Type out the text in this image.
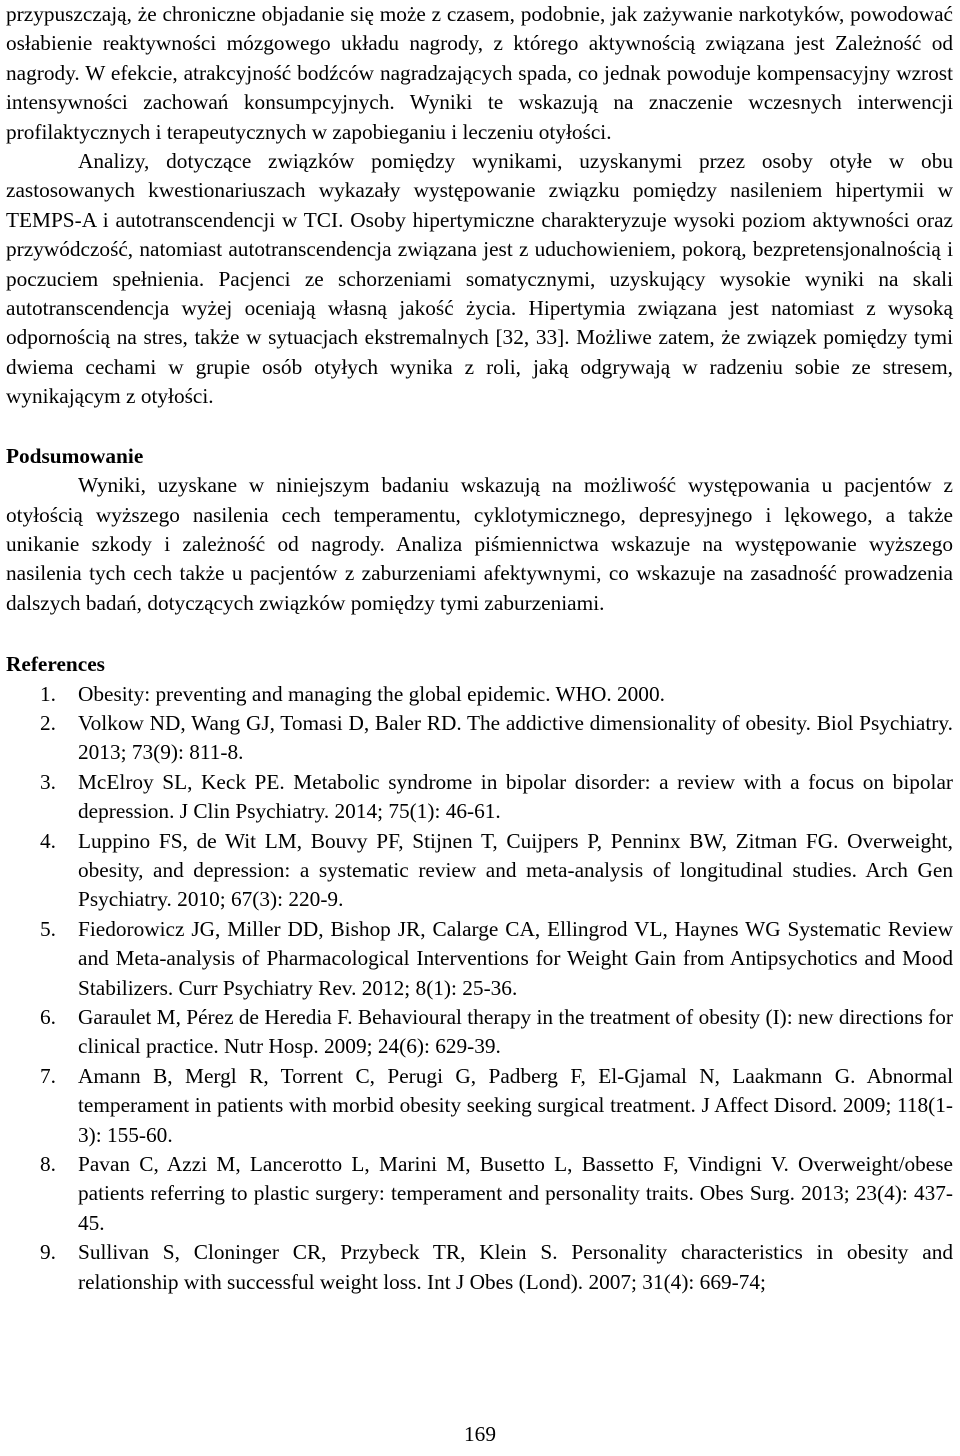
przypuszczają, że chroniczne objadanie się może z czasem, podobnie, jak zażywanie narkotyków, powodować osłabienie reaktywności mózgowego układu nagrody, z którego aktywnością związana jest Zależność od nagrody. W efekcie, atrakcyjność bodźców nagradzających spada, co jednak powoduje kompensacyjny wzrost intensywności zachowań konsumpcyjnych. Wyniki te wskazują na znaczenie wczesnych interwencji profilaktycznych i terapeutycznych w zapobieganiu i leczeniu otyłości.

Analizy, dotyczące związków pomiędzy wynikami, uzyskanymi przez osoby otyłe w obu zastosowanych kwestionariuszach wykazały występowanie związku pomiędzy nasileniem hipertymii w TEMPS-A i autotranscendencji w TCI. Osoby hipertymiczne charakteryzuje wysoki poziom aktywności oraz przywódczość, natomiast autotranscendencja związana jest z uduchowieniem, pokorą, bezpretensjonalnością i poczuciem spełnienia. Pacjenci ze schorzeniami somatycznymi, uzyskujący wysokie wyniki na skali autotranscendencja wyżej oceniają własną jakość życia. Hipertymia związana jest natomiast z wysoką odpornością na stres, także w sytuacjach ekstremalnych [32, 33]. Możliwe zatem, że związek pomiędzy tymi dwiema cechami w grupie osób otyłych wynika z roli, jaką odgrywają w radzeniu sobie ze stresem, wynikającym z otyłości.

Podsumowanie

Wyniki, uzyskane w niniejszym badaniu wskazują na możliwość występowania u pacjentów z otyłością wyższego nasilenia cech temperamentu, cyklotymicznego, depresyjnego i lękowego, a także unikanie szkody i zależność od nagrody. Analiza piśmiennictwa wskazuje na występowanie wyższego nasilenia tych cech także u pacjentów z zaburzeniami afektywnymi, co wskazuje na zasadność prowadzenia dalszych badań, dotyczących związków pomiędzy tymi zaburzeniami.

References

1. Obesity: preventing and managing the global epidemic. WHO. 2000.
2. Volkow ND, Wang GJ, Tomasi D, Baler RD. The addictive dimensionality of obesity. Biol Psychiatry. 2013; 73(9): 811-8.
3. McElroy SL, Keck PE. Metabolic syndrome in bipolar disorder: a review with a focus on bipolar depression. J Clin Psychiatry. 2014; 75(1): 46-61.
4. Luppino FS, de Wit LM, Bouvy PF, Stijnen T, Cuijpers P, Penninx BW, Zitman FG. Overweight, obesity, and depression: a systematic review and meta-analysis of longitudinal studies. Arch Gen Psychiatry. 2010; 67(3): 220-9.
5. Fiedorowicz JG, Miller DD, Bishop JR, Calarge CA, Ellingrod VL, Haynes WG Systematic Review and Meta-analysis of Pharmacological Interventions for Weight Gain from Antipsychotics and Mood Stabilizers. Curr Psychiatry Rev. 2012; 8(1): 25-36.
6. Garaulet M, Pérez de Heredia F. Behavioural therapy in the treatment of obesity (I): new directions for clinical practice. Nutr Hosp. 2009; 24(6): 629-39.
7. Amann B, Mergl R, Torrent C, Perugi G, Padberg F, El-Gjamal N, Laakmann G. Abnormal temperament in patients with morbid obesity seeking surgical treatment. J Affect Disord. 2009; 118(1-3): 155-60.
8. Pavan C, Azzi M, Lancerotto L, Marini M, Busetto L, Bassetto F, Vindigni V. Overweight/obese patients referring to plastic surgery: temperament and personality traits. Obes Surg. 2013; 23(4): 437-45.
9. Sullivan S, Cloninger CR, Przybeck TR, Klein S. Personality characteristics in obesity and relationship with successful weight loss. Int J Obes (Lond). 2007; 31(4): 669-74;
169
